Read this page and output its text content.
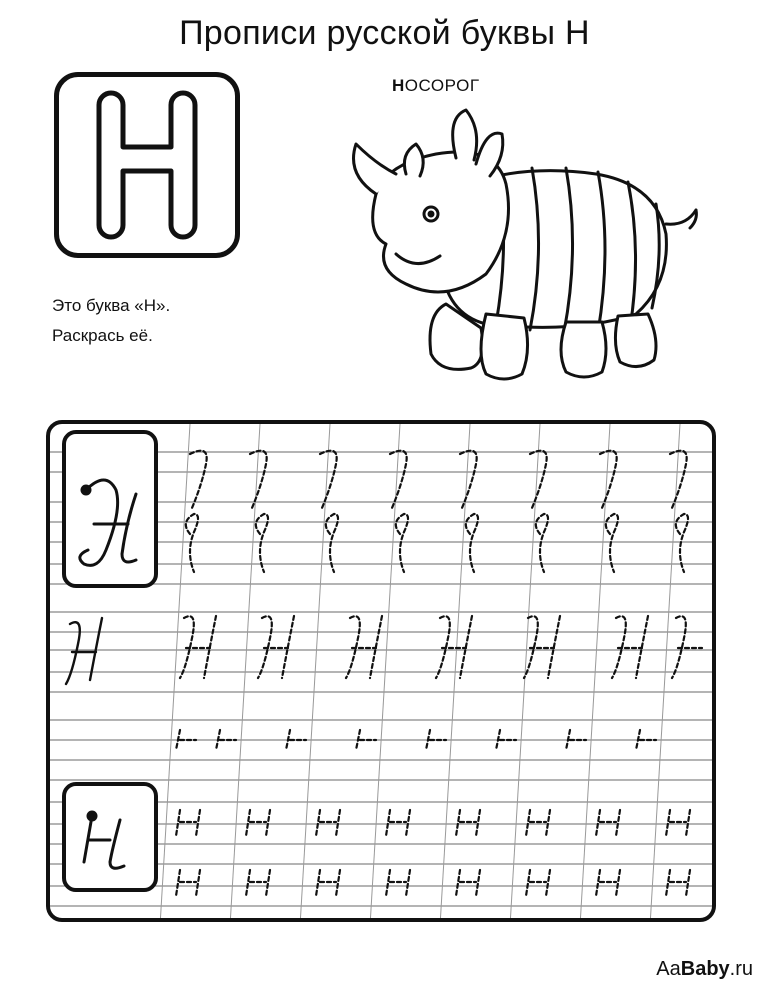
Прописи русской буквы Н
НОСОРОГ
Это буква «Н».
Раскрась её.
AaBaby.ru
